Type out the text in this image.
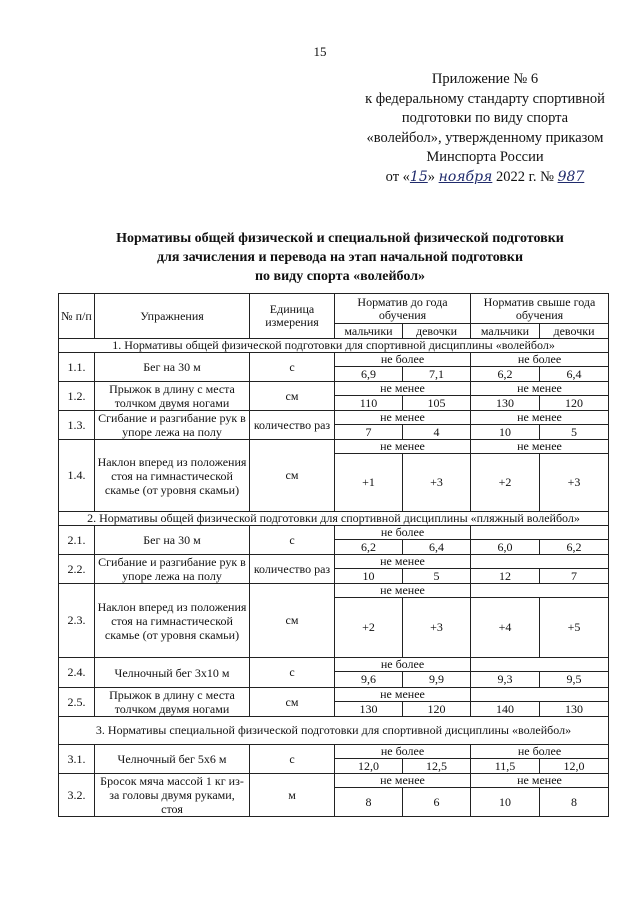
15
Приложение № 6
к федеральному стандарту спортивной
подготовки по виду спорта
«волейбол», утвержденному приказом
Минспорта России
от «15» ноября 2022 г. № 987
Нормативы общей физической и специальной физической подготовки
для зачисления и перевода на этап начальной подготовки
по виду спорта «волейбол»
№ п/п	Упражнения	Единица измерения	Норматив до года обучения		Норматив свыше года обучения	
			мальчики	девочки	мальчики	девочки
1. Нормативы общей физической подготовки для спортивной дисциплины «волейбол»						
1.1.	Бег на 30 м	с	не более		не более	
			6,9	7,1	6,2	6,4
1.2.	Прыжок в длину с места толчком двумя ногами	см	не менее		не менее	
			110	105	130	120
1.3.	Сгибание и разгибание рук в упоре лежа на полу	количество раз	не менее		не менее	
			7	4	10	5
1.4.	Наклон вперед из положения стоя на гимнастической скамье (от уровня скамьи)	см	не менее		не менее	
			+1	+3	+2	+3
2. Нормативы общей физической подготовки для спортивной дисциплины «пляжный волейбол»						
2.1.	Бег на 30 м	с	не более			
			6,2	6,4	6,0	6,2
2.2.	Сгибание и разгибание рук в упоре лежа на полу	количество раз	не менее			
			10	5	12	7
2.3.	Наклон вперед из положения стоя на гимнастической скамье (от уровня скамьи)	см	не менее			
			+2	+3	+4	+5
2.4.	Челночный бег 3х10 м	с	не более			
			9,6	9,9	9,3	9,5
2.5.	Прыжок в длину с места толчком двумя ногами	см	не менее			
			130	120	140	130
3. Нормативы специальной физической подготовки для спортивной дисциплины «волейбол»						
3.1.	Челночный бег 5х6 м	с	не более		не более	
			12,0	12,5	11,5	12,0
3.2.	Бросок мяча массой 1 кг из-за головы двумя руками, стоя	м	не менее		не менее	
			8	6	10	8
